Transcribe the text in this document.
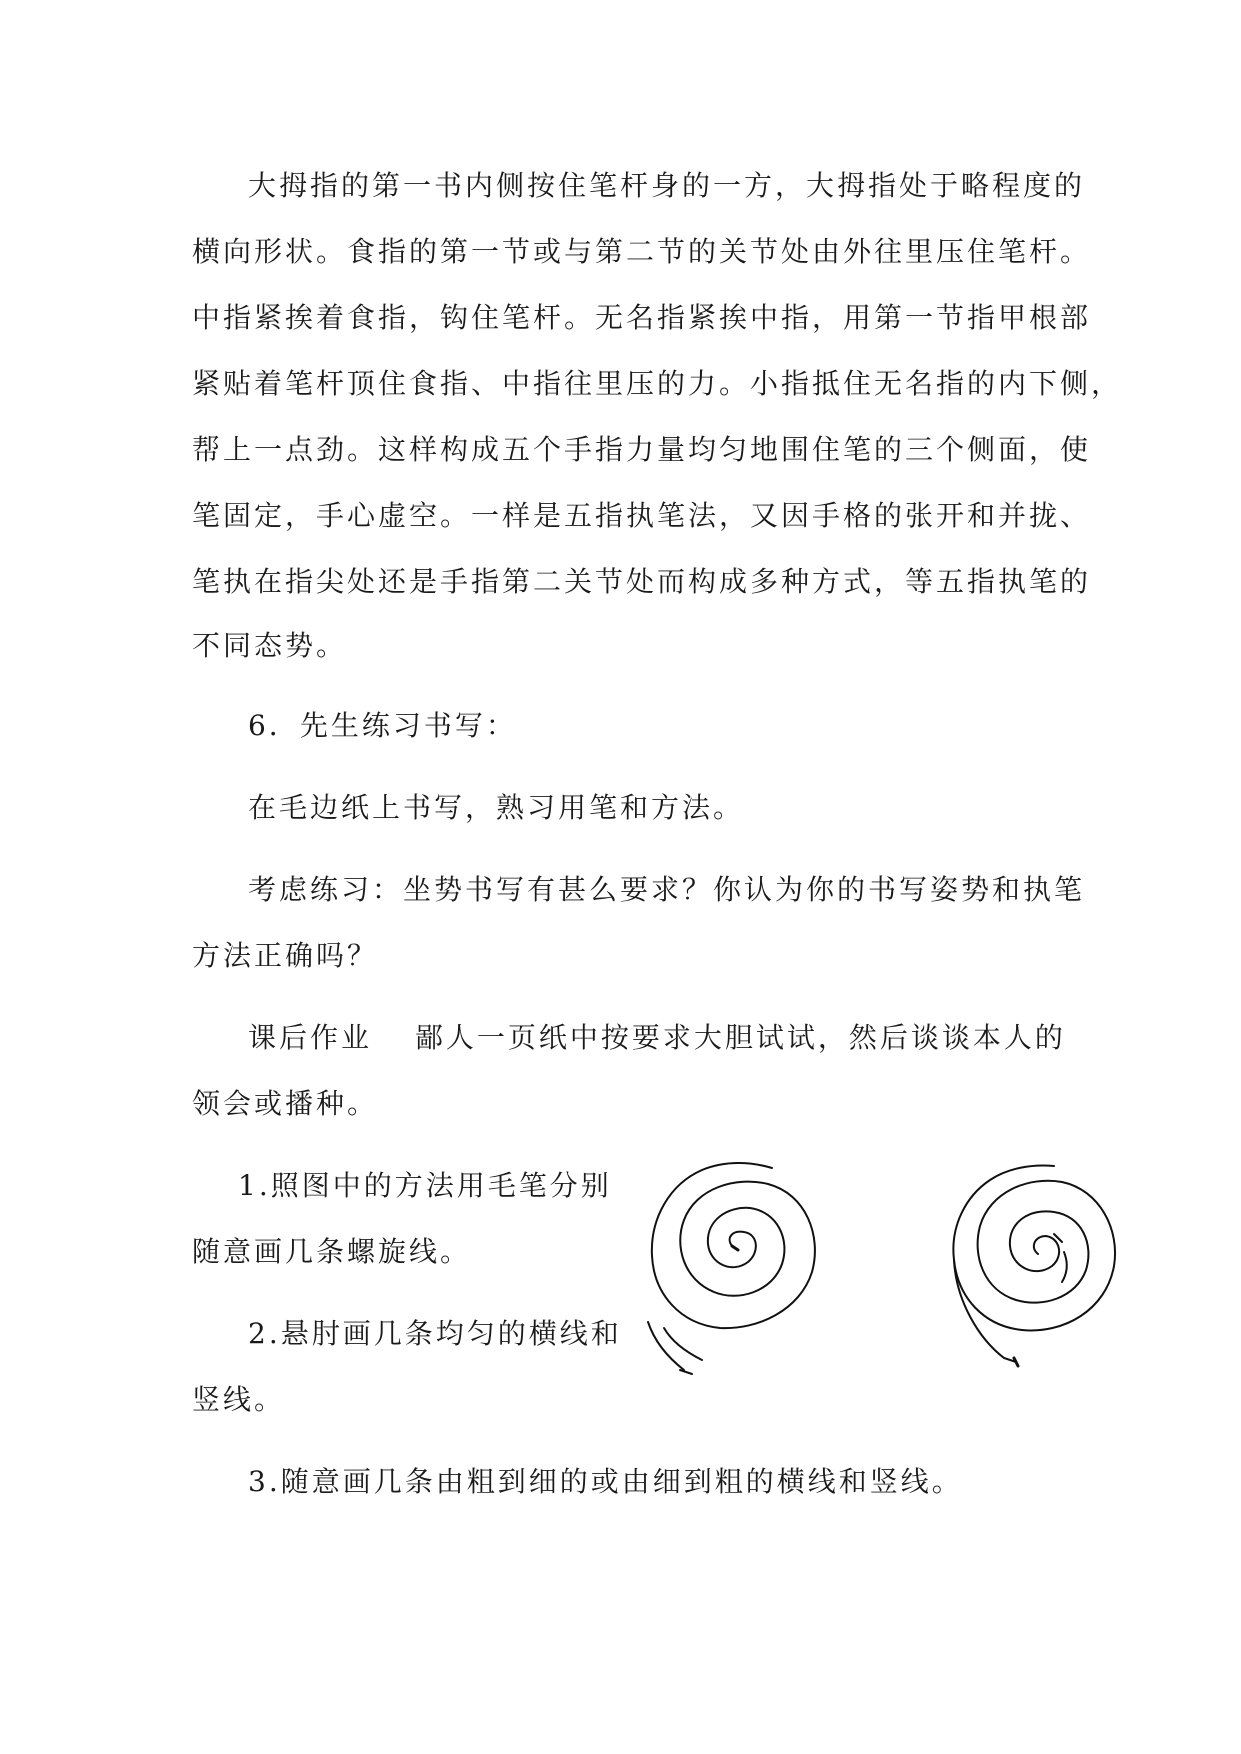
大拇指的第一书内侧按住笔杆身的一方，大拇指处于略程度的
横向形状。食指的第一节或与第二节的关节处由外往里压住笔杆。
中指紧挨着食指，钩住笔杆。无名指紧挨中指，用第一节指甲根部
紧贴着笔杆顶住食指、中指往里压的力。小指抵住无名指的内下侧，
帮上一点劲。这样构成五个手指力量均匀地围住笔的三个侧面，使
笔固定，手心虚空。一样是五指执笔法，又因手格的张开和并拢、
笔执在指尖处还是手指第二关节处而构成多种方式，等五指执笔的
不同态势。
6．先生练习书写：
在毛边纸上书写，熟习用笔和方法。
考虑练习：坐势书写有甚么要求？你认为你的书写姿势和执笔
方法正确吗？
课后作业　 鄙人一页纸中按要求大胆试试，然后谈谈本人的
领会或播种。
1.照图中的方法用毛笔分别
随意画几条螺旋线。
2.悬肘画几条均匀的横线和
竖线。
3.随意画几条由粗到细的或由细到粗的横线和竖线。
